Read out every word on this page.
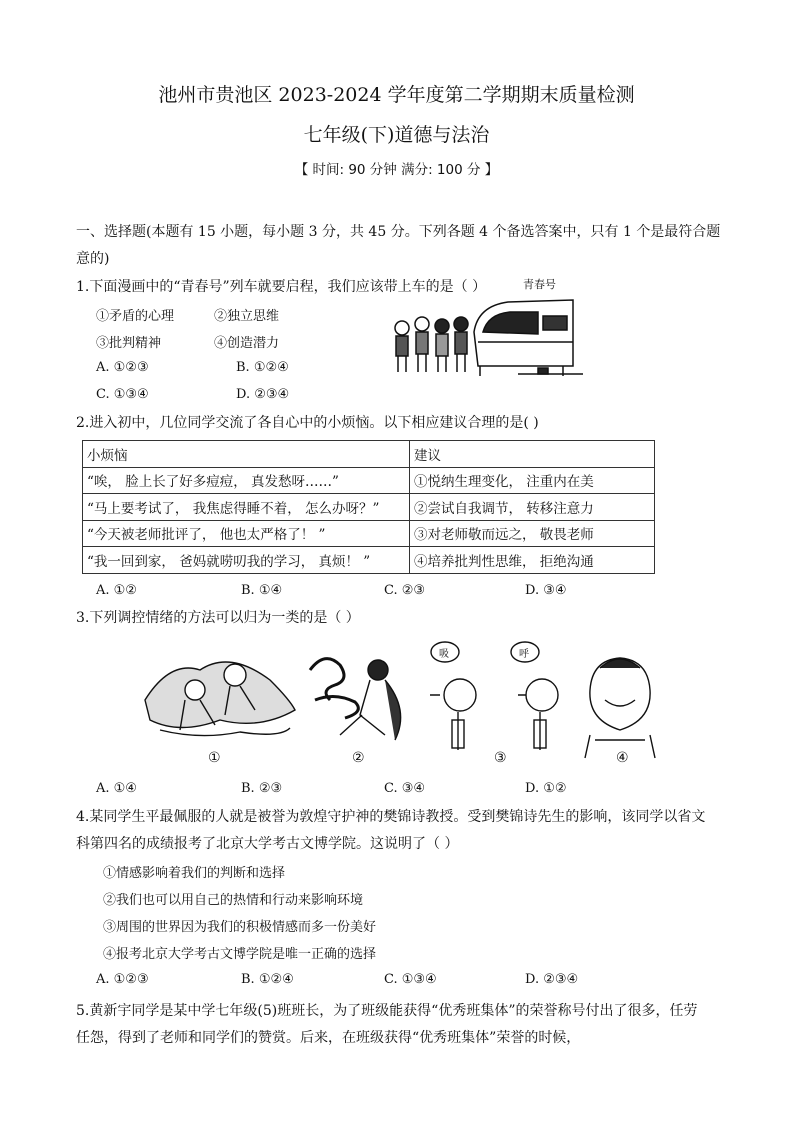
池州市贵池区 2023-2024 学年度第二学期期末质量检测
七年级(下)道德与法治
【 时间: 90 分钟 满分: 100 分 】
一、选择题(本题有 15 小题，每小题 3 分，共 45 分。下列各题 4 个备选答案中，只有 1 个是最符合题
意的)
1.下面漫画中的“青春号”列车就要启程，我们应该带上车的是（ ）
①矛盾的心理	②独立思维
③批判精神	④创造潜力
A. ①②③	B. ①②④
C. ①③④	D. ②③④
青春号
2.进入初中，几位同学交流了各自心中的小烦恼。以下相应建议合理的是( )
小烦恼	建议
“唉， 脸上长了好多痘痘， 真发愁呀……”	①悦纳生理变化， 注重内在美
“马上要考试了， 我焦虑得睡不着， 怎么办呀？”	②尝试自我调节， 转移注意力
“今天被老师批评了， 他也太严格了！ ”	③对老师敬而远之， 敬畏老师
“我一回到家， 爸妈就唠叨我的学习， 真烦！ ”	④培养批判性思维， 拒绝沟通
A. ①②	B. ①④	C. ②③	D. ③④
3.下列调控情绪的方法可以归为一类的是（ ）
吸	呼
①	②	③	④
A. ①④	B. ②③	C. ③④	D. ①②
4.某同学生平最佩服的人就是被誉为敦煌守护神的樊锦诗教授。受到樊锦诗先生的影响，该同学以省文
科第四名的成绩报考了北京大学考古文博学院。这说明了（ ）
①情感影响着我们的判断和选择
②我们也可以用自己的热情和行动来影响环境
③周围的世界因为我们的积极情感而多一份美好
④报考北京大学考古文博学院是唯一正确的选择
A. ①②③	B. ①②④	C. ①③④	D. ②③④
5.黄新宇同学是某中学七年级(5)班班长，为了班级能获得“优秀班集体”的荣誉称号付出了很多，任劳
任怨，得到了老师和同学们的赞赏。后来，在班级获得“优秀班集体”荣誉的时候，
